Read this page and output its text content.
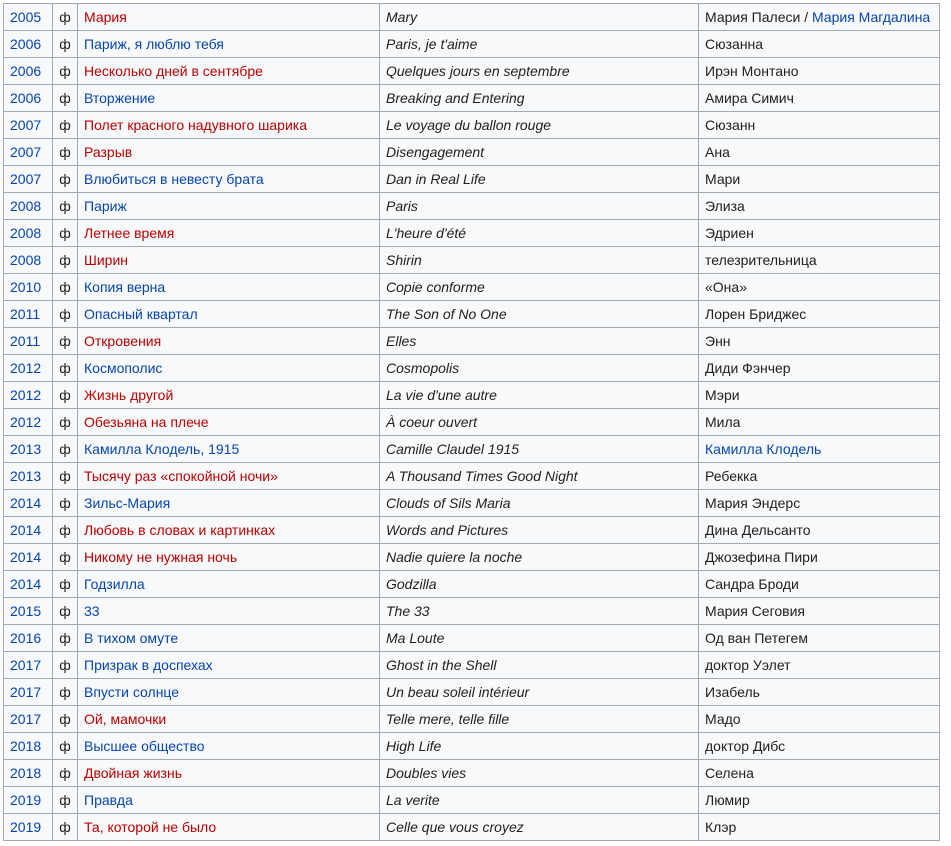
2005	ф	Мария	Mary	Мария Палеси / Мария Магдалина
2006	ф	Париж, я люблю тебя	Paris, je t'aime	Сюзанна
2006	ф	Несколько дней в сентябре	Quelques jours en septembre	Ирэн Монтано
2006	ф	Вторжение	Breaking and Entering	Амира Симич
2007	ф	Полет красного надувного шарика	Le voyage du ballon rouge	Сюзанн
2007	ф	Разрыв	Disengagement	Ана
2007	ф	Влюбиться в невесту брата	Dan in Real Life	Мари
2008	ф	Париж	Paris	Элиза
2008	ф	Летнее время	L'heure d'été	Эдриен
2008	ф	Ширин	Shirin	телезрительница
2010	ф	Копия верна	Copie conforme	«Она»
2011	ф	Опасный квартал	The Son of No One	Лорен Бриджес
2011	ф	Откровения	Elles	Энн
2012	ф	Космополис	Cosmopolis	Диди Фэнчер
2012	ф	Жизнь другой	La vie d'une autre	Мэри
2012	ф	Обезьяна на плече	À coeur ouvert	Мила
2013	ф	Камилла Клодель, 1915	Camille Claudel 1915	Камилла Клодель
2013	ф	Тысячу раз «спокойной ночи»	A Thousand Times Good Night	Ребекка
2014	ф	Зильс-Мария	Clouds of Sils Maria	Мария Эндерс
2014	ф	Любовь в словах и картинках	Words and Pictures	Дина Дельсанто
2014	ф	Никому не нужная ночь	Nadie quiere la noche	Джозефина Пири
2014	ф	Годзилла	Godzilla	Сандра Броди
2015	ф	33	The 33	Мария Сеговия
2016	ф	В тихом омуте	Ma Loute	Од ван Петегем
2017	ф	Призрак в доспехах	Ghost in the Shell	доктор Уэлет
2017	ф	Впусти солнце	Un beau soleil intérieur	Изабель
2017	ф	Ой, мамочки	Telle mere, telle fille	Мадо
2018	ф	Высшее общество	High Life	доктор Дибс
2018	ф	Двойная жизнь	Doubles vies	Селена
2019	ф	Правда	La verite	Люмир
2019	ф	Та, которой не было	Celle que vous croyez	Клэр
